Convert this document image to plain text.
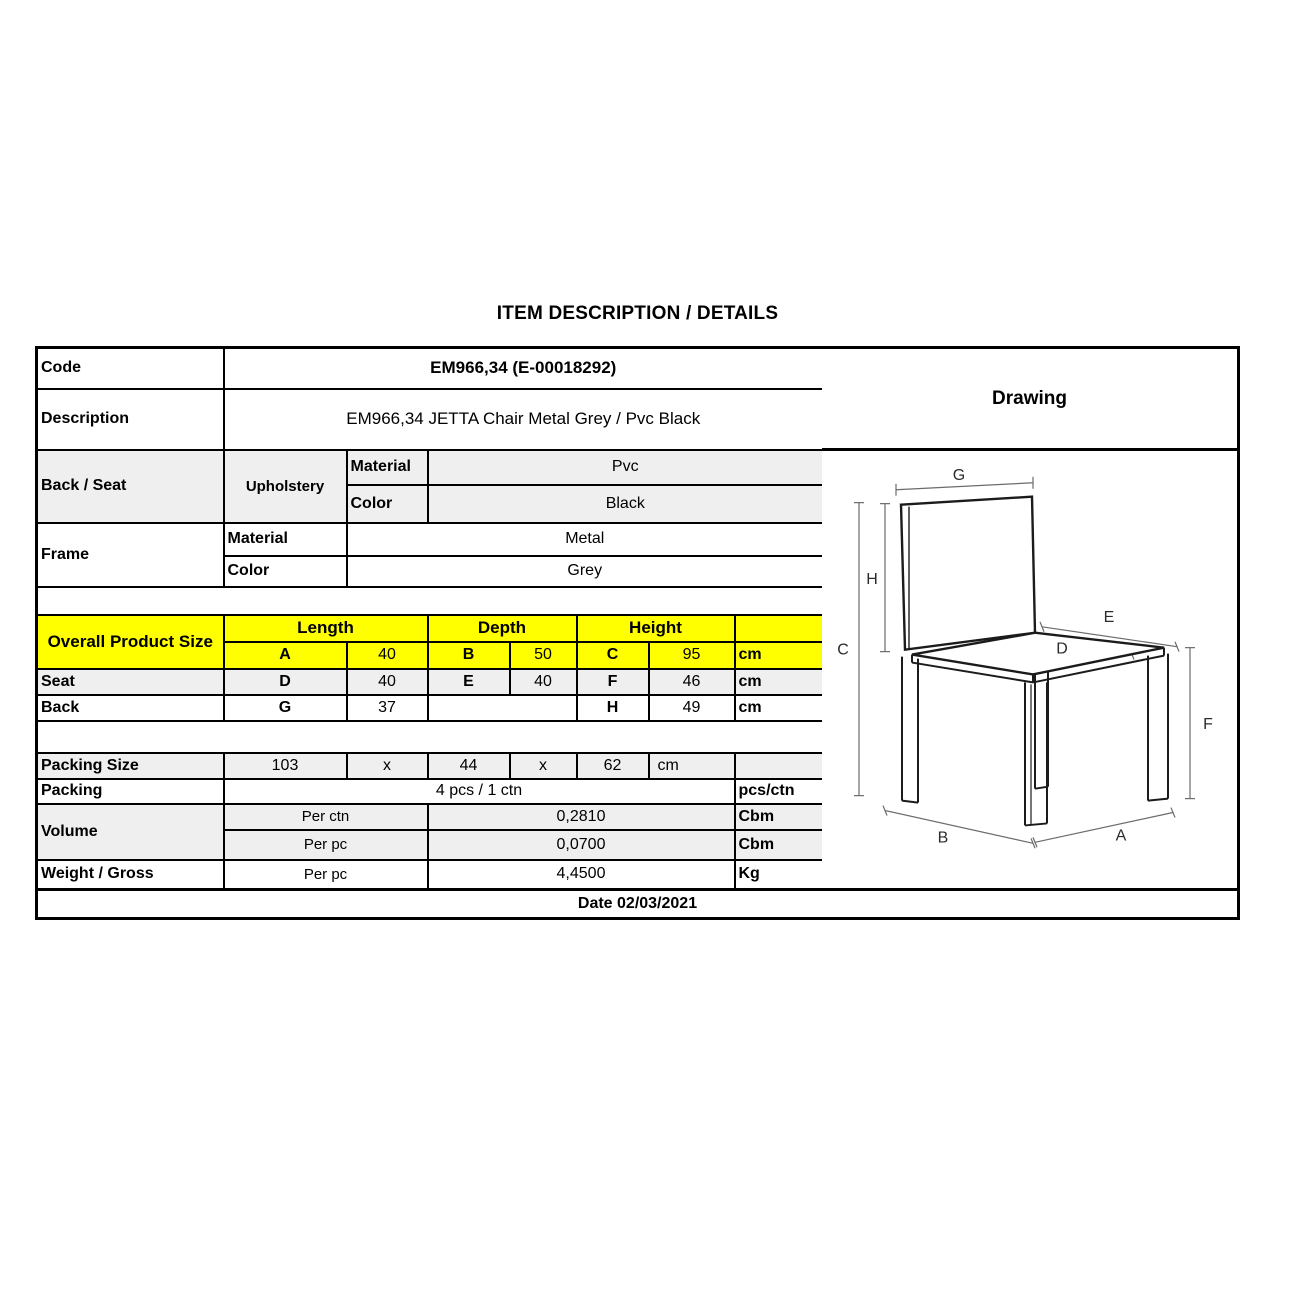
ITEM DESCRIPTION / DETAILS
Code	EM966,34 (E-00018292)						
Description	EM966,34 JETTA Chair Metal Grey / Pvc Black						
Back / Seat	Upholstery	Material	Pvc				
		Color	Black				
Frame	Material	Metal					
	Color	Grey					

Overall Product Size	Length		Depth		Height		
	A	40	B	50	C	95	cm
Seat	D	40	E	40	F	46	cm
Back	G	37			H	49	cm

Packing Size	103	x	44	x	62	cm	
Packing	4 pcs / 1 ctn						pcs/ctn
Volume	Per ctn		0,2810				Cbm
	Per pc		0,0700				Cbm
Weight / Gross	Per pc		4,4500				Kg
Drawing
G
H
C
E
D
F
B	A
Date 02/03/2021
